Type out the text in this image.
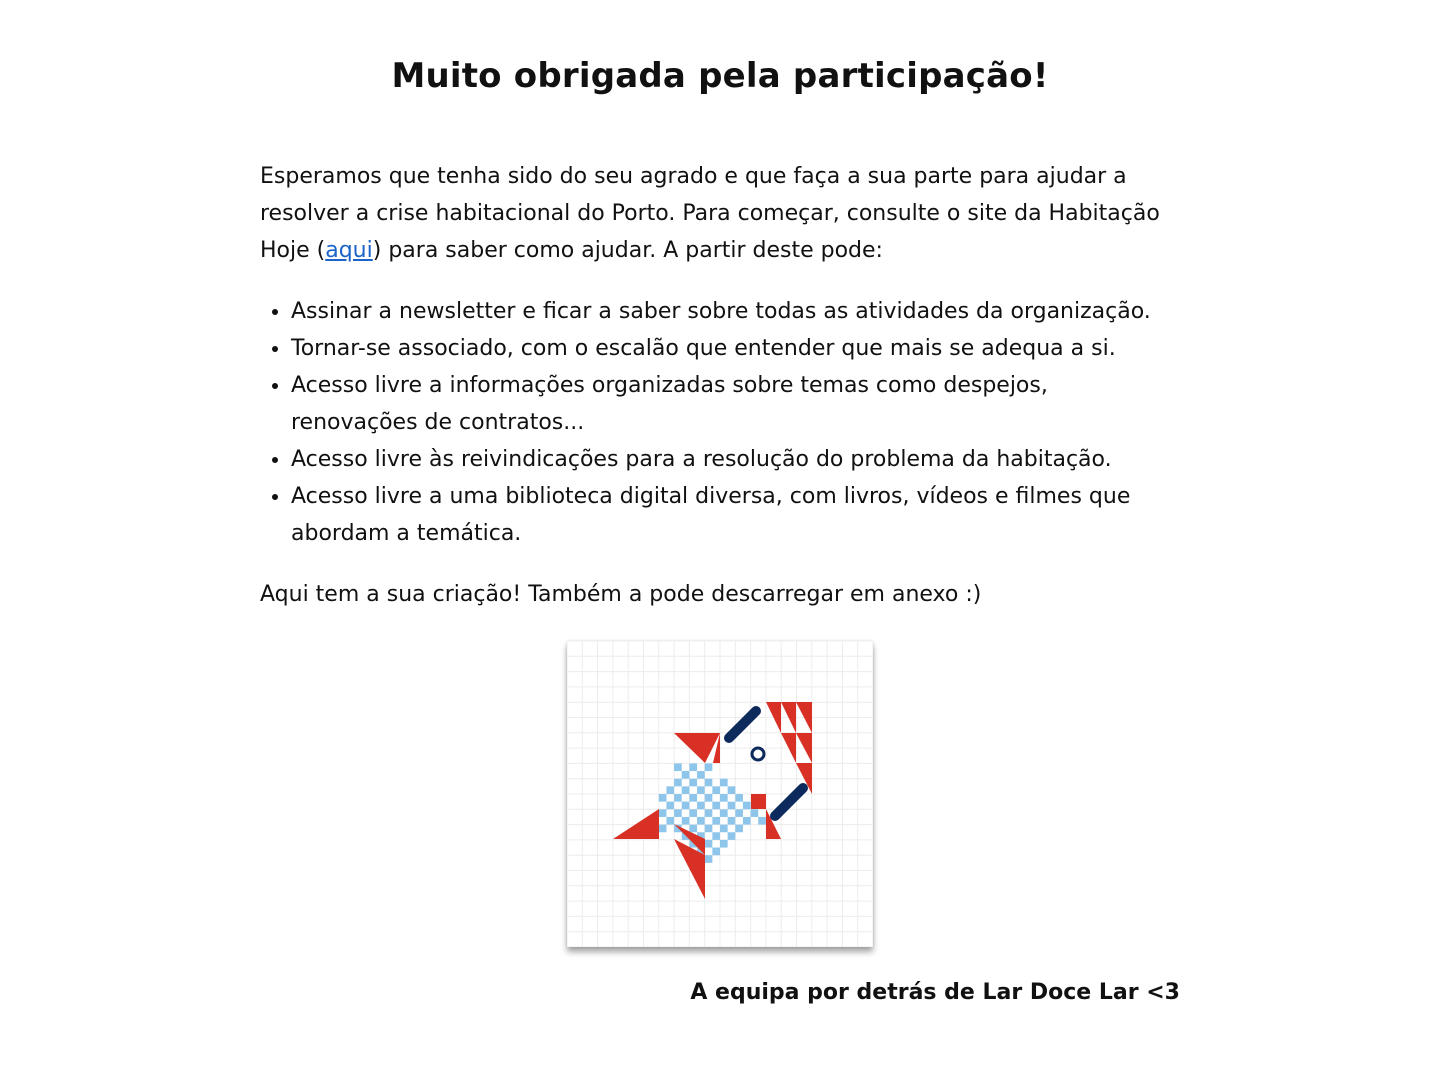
Muito obrigada pela participação!

Esperamos que tenha sido do seu agrado e que faça a sua parte para ajudar a resolver a crise habitacional do Porto. Para começar, consulte o site da Habitação Hoje (aqui) para saber como ajudar. A partir deste pode:

• Assinar a newsletter e ficar a saber sobre todas as atividades da organização.
• Tornar-se associado, com o escalão que entender que mais se adequa a si.
• Acesso livre a informações organizadas sobre temas como despejos, renovações de contratos...
• Acesso livre às reivindicações para a resolução do problema da habitação.
• Acesso livre a uma biblioteca digital diversa, com livros, vídeos e filmes que abordam a temática.

Aqui tem a sua criação! Também a pode descarregar em anexo :)

A equipa por detrás de Lar Doce Lar <3
